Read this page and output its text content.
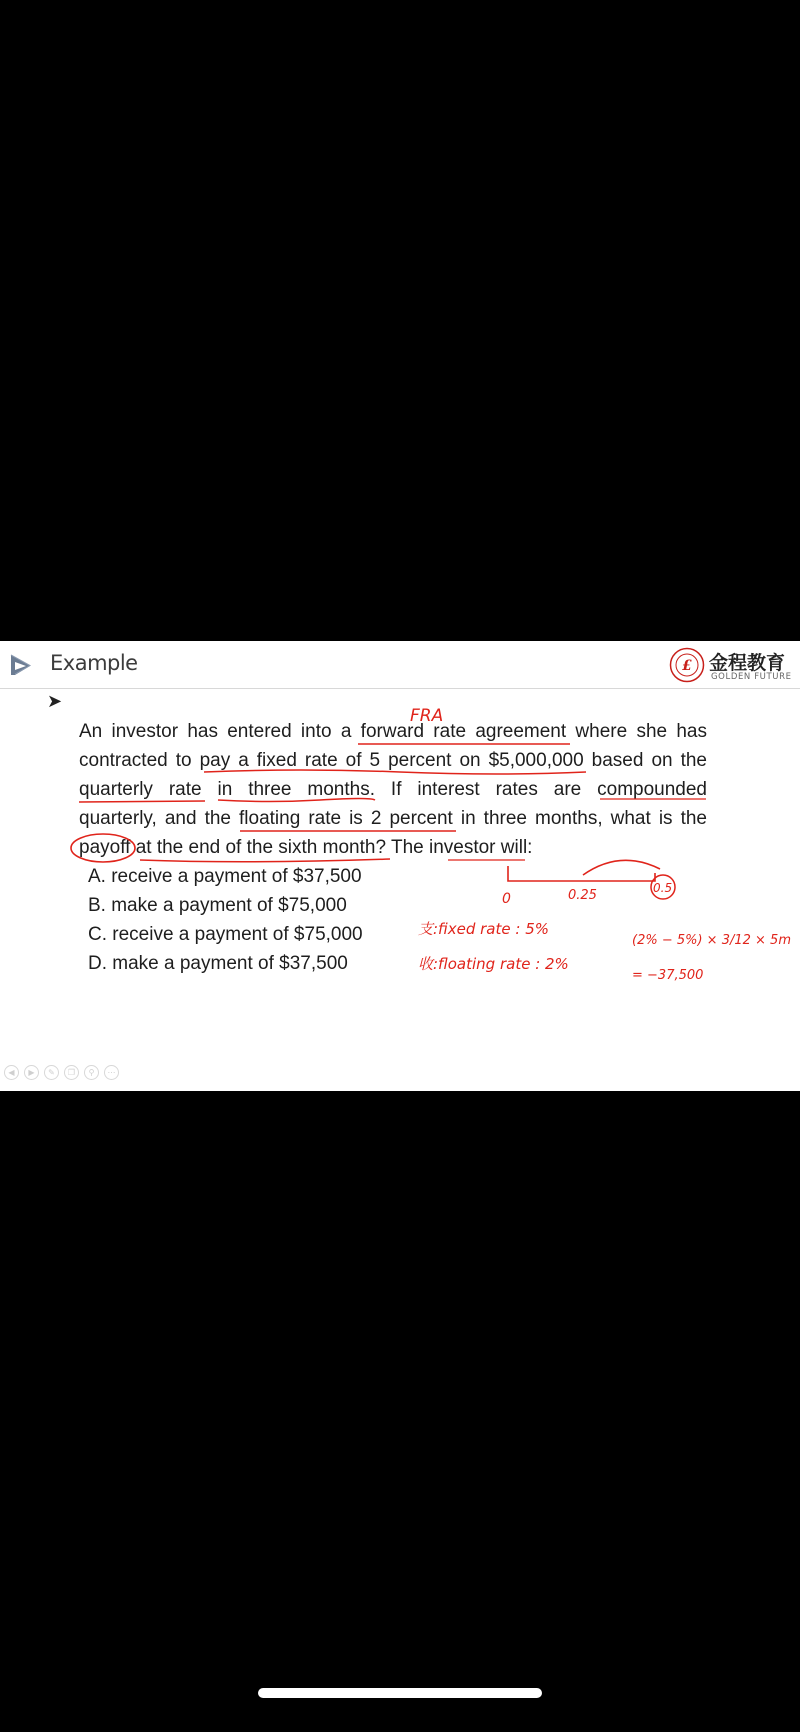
Example	£ 金程教育
GOLDEN FUTURE
➤
An investor has entered into a forward rate agreement where she has
contracted to pay a fixed rate of 5 percent on $5,000,000 based on the
quarterly rate in three months. If interest rates are compounded
quarterly, and the floating rate is 2 percent in three months, what is the
payoff at the end of the sixth month? The investor will:
A. receive a payment of $37,500
B. make a payment of $75,000
C. receive a payment of $75,000
D. make a payment of $37,500
FRA
0	0.25	0.5
支:fixed rate : 5%
收:floating rate : 2%
(2% − 5%) × 3/12 × 5m
= −37,500
◀	▶	✎	❐	⚲	⋯
